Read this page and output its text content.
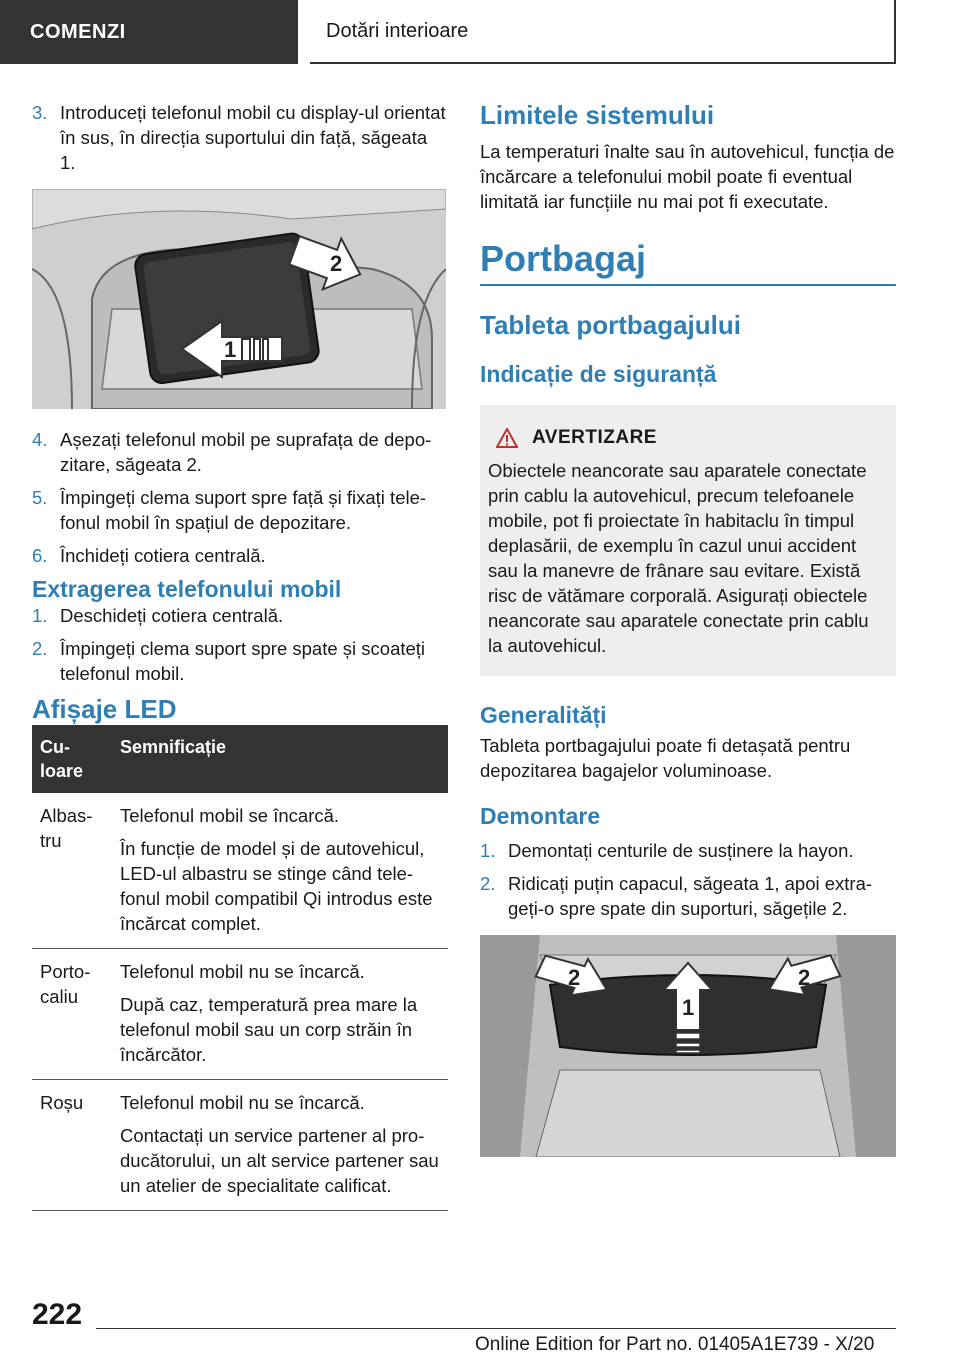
COMENZI	Dotări interioare
3. Introduceți telefonul mobil cu display-ul orientat în sus, în direcția suportului din față, săgeata 1.
2
1
4. Așezați telefonul mobil pe suprafața de depozitare, săgeata 2.
5. Împingeți clema suport spre față și fixați telefonul mobil în spațiul de depozitare.
6. Închideți cotiera centrală.
Extragerea telefonului mobil
1. Deschideți cotiera centrală.
2. Împingeți clema suport spre spate și scoateți telefonul mobil.
Afișaje LED
Cu-loare	Semnificație
Albas-tru	Telefonul mobil se încarcă.

În funcție de model și de autovehicul, LED-ul albastru se stinge când tele-fonul mobil compatibil Qi introdus este încărcat complet.

Porto-caliu	Telefonul mobil nu se încarcă.

După caz, temperatură prea mare la telefonul mobil sau un corp străin în încărcător.

Roșu	Telefonul mobil nu se încarcă.

Contactați un service partener al pro-ducătorului, un alt service partener sau un atelier de specialitate calificat.

Limitele sistemului
La temperaturi înalte sau în autovehicul, funcția de încărcare a telefonului mobil poate fi eventual limitată iar funcțiile nu mai pot fi executate.
Portbagaj
Tableta portbagajului
Indicație de siguranță
AVERTIZARE
Obiectele neancorate sau aparatele conectate prin cablu la autovehicul, precum telefoanele mobile, pot fi proiectate în habitaclu în timpul deplasării, de exemplu în cazul unui accident sau la manevre de frânare sau evitare. Există risc de vătămare corporală. Asigurați obiectele neancorate sau aparatele conectate prin cablu la autovehicul.
Generalități
Tableta portbagajului poate fi detașată pentru depozitarea bagajelor voluminoase.
Demontare
1. Demontați centurile de susținere la hayon.
2. Ridicați puțin capacul, săgeata 1, apoi extra-geți-o spre spate din suporturi, săgețile 2.
2	2
1
222
Online Edition for Part no. 01405A1E739 - X/20
